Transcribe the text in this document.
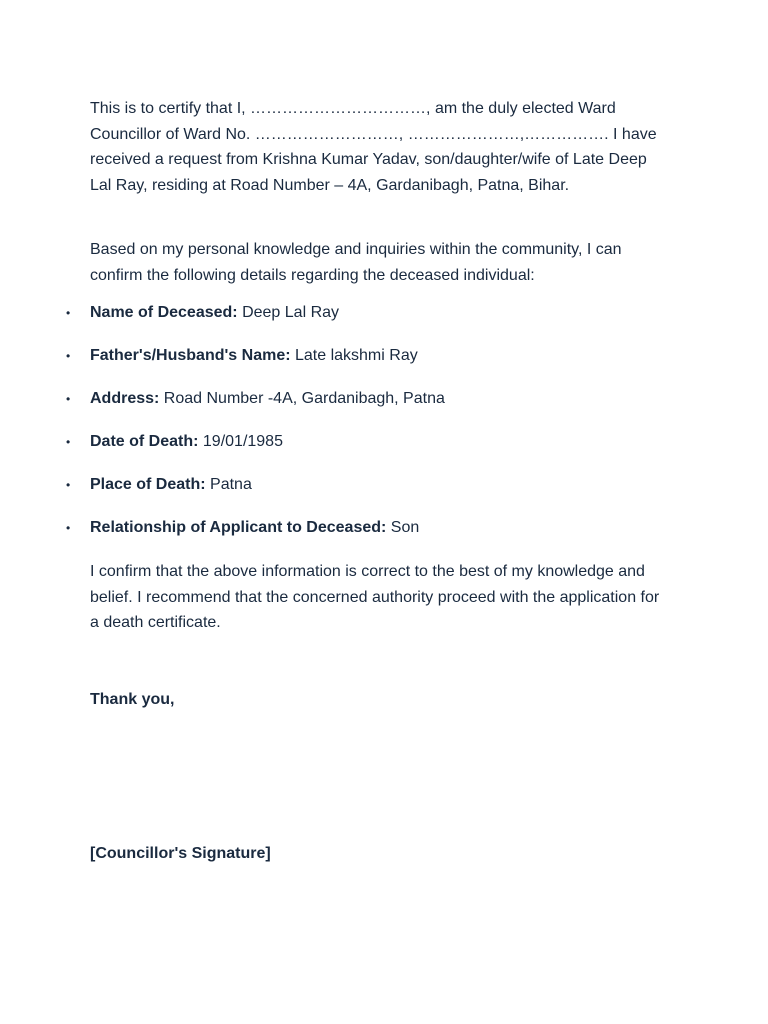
This is to certify that I, ……………………………, am the duly elected Ward Councillor of Ward No. ………………………, …………………,……………. I have received a request from Krishna Kumar Yadav, son/daughter/wife of Late Deep Lal Ray, residing at Road Number – 4A, Gardanibagh, Patna, Bihar.

Based on my personal knowledge and inquiries within the community, I can confirm the following details regarding the deceased individual:

• Name of Deceased: Deep Lal Ray
• Father's/Husband's Name: Late lakshmi Ray
• Address: Road Number -4A, Gardanibagh, Patna
• Date of Death: 19/01/1985
• Place of Death: Patna
• Relationship of Applicant to Deceased: Son

I confirm that the above information is correct to the best of my knowledge and belief. I recommend that the concerned authority proceed with the application for a death certificate.

Thank you,

[Councillor's Signature]
